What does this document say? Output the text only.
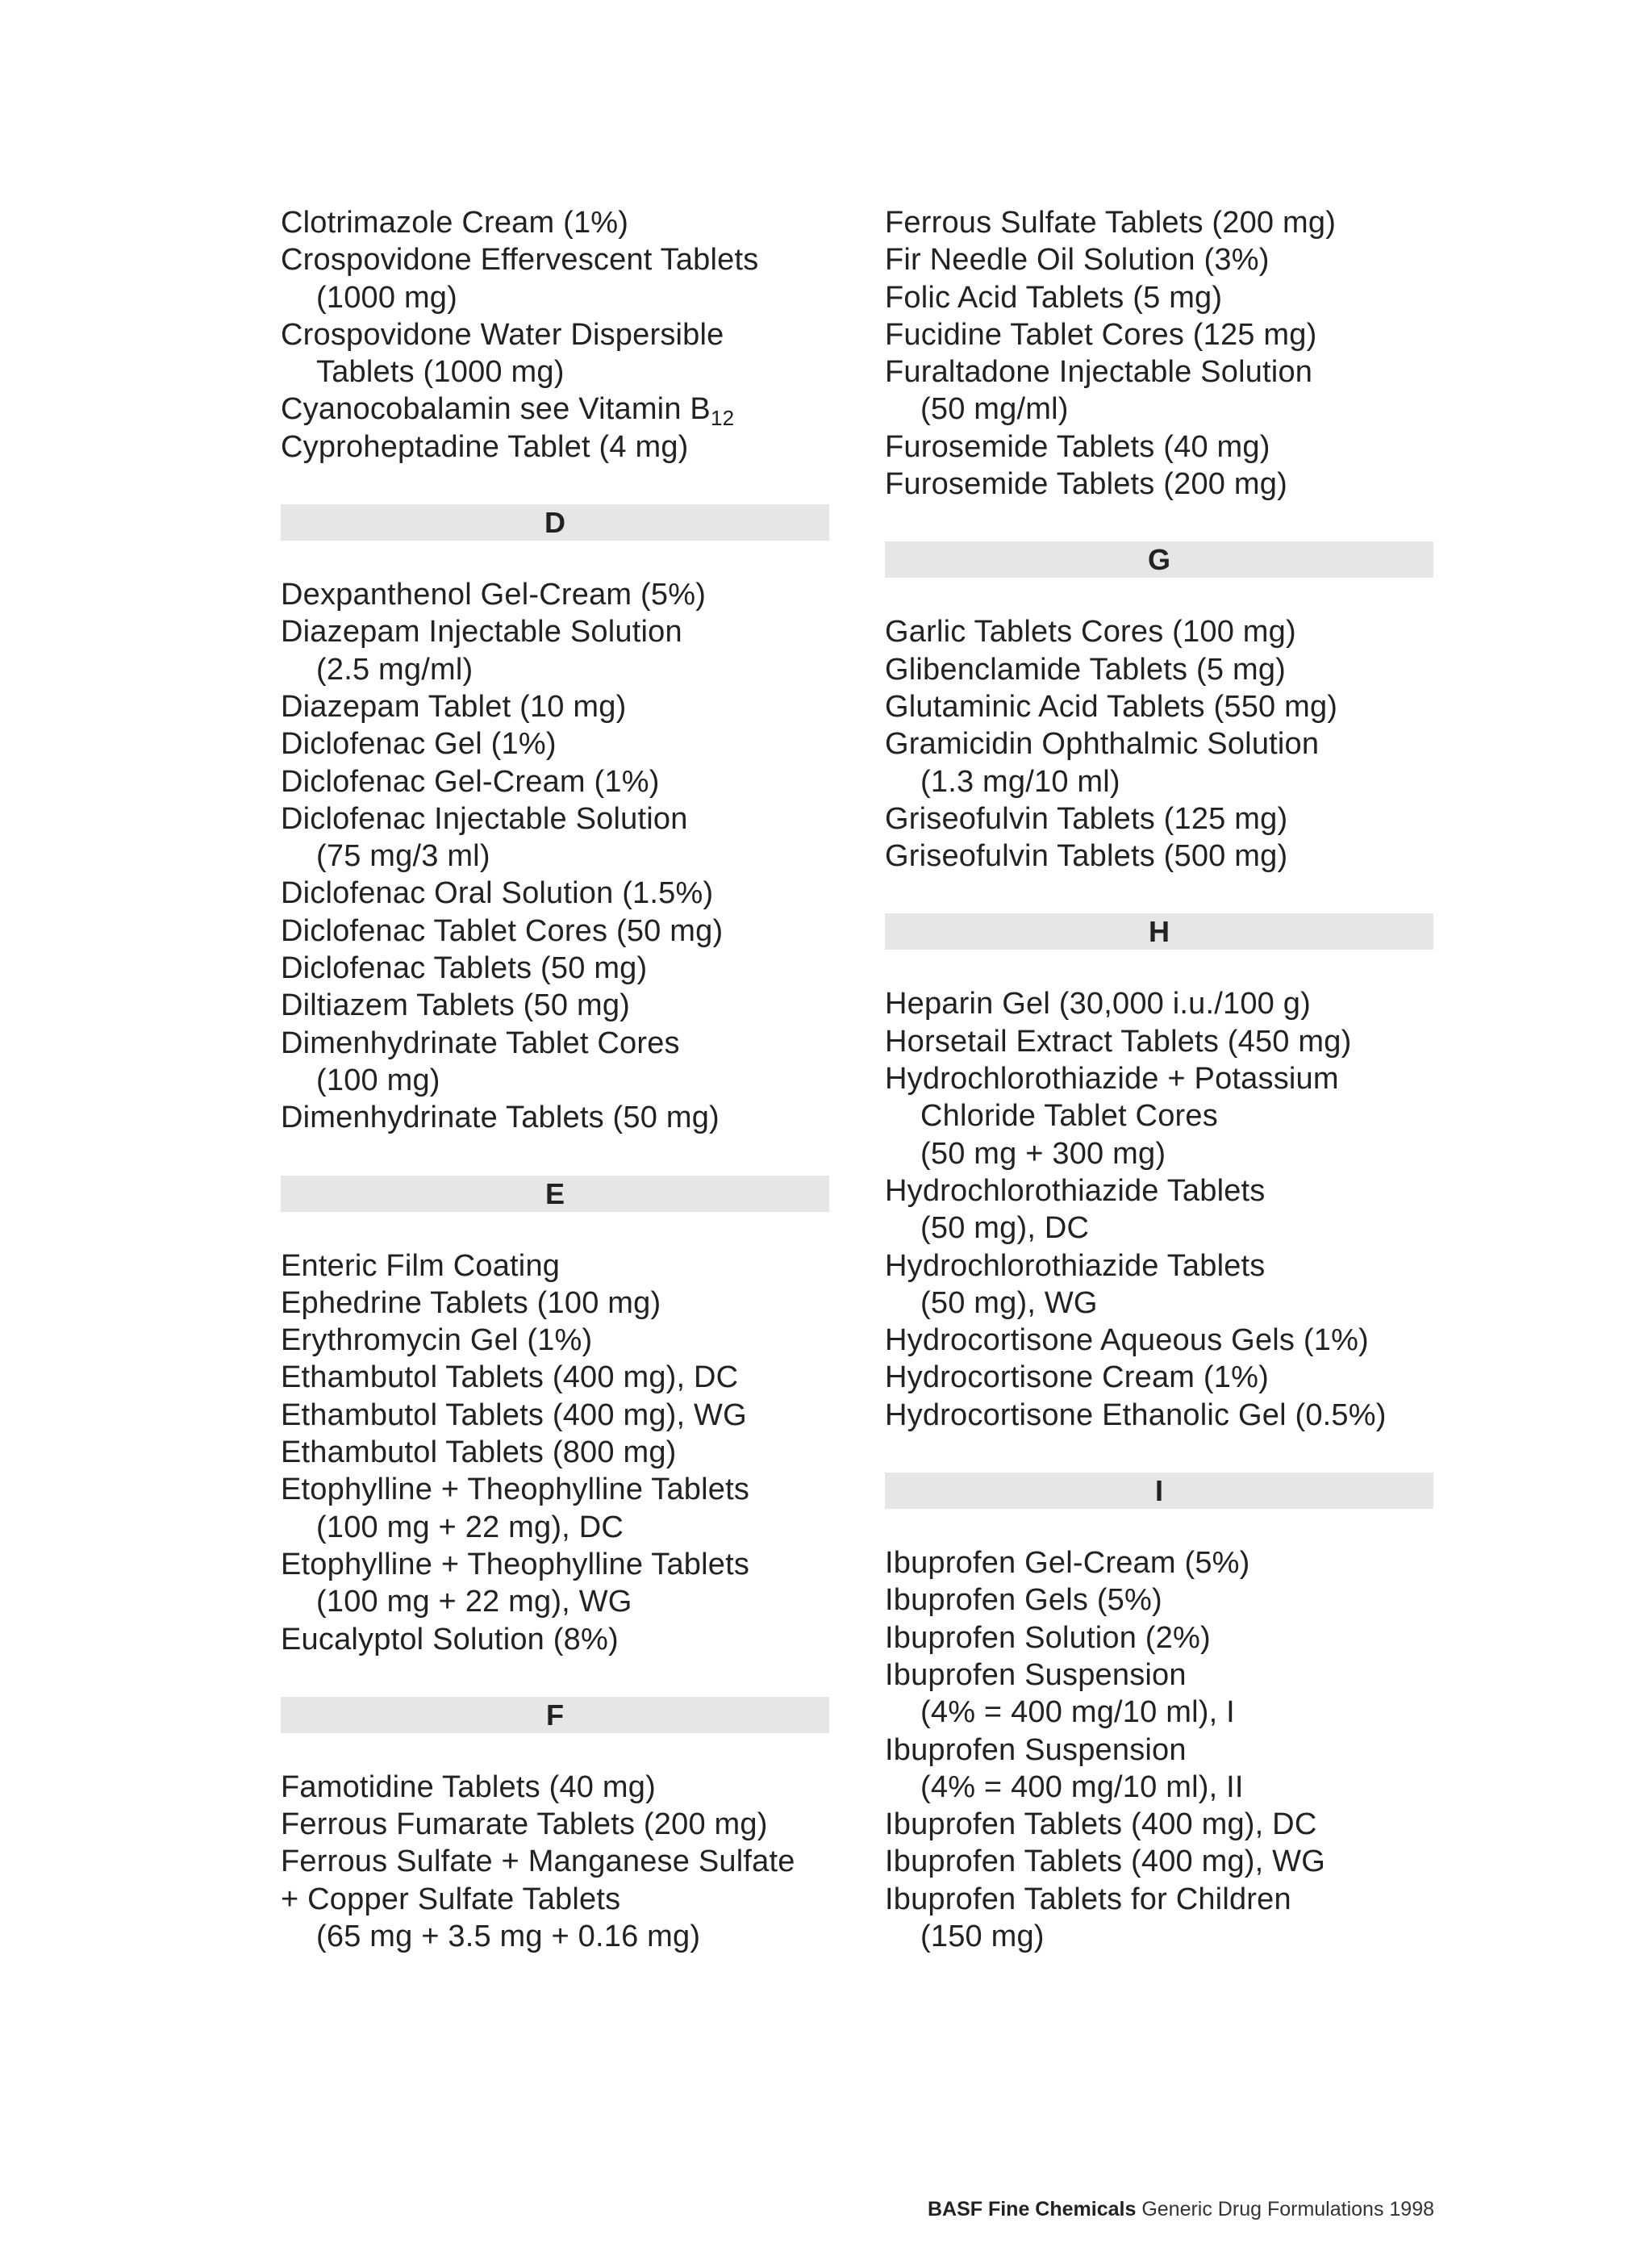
Clotrimazole Cream (1%)

Crospovidone Effervescent Tablets
(1000 mg)

Crospovidone Water Dispersible
Tablets (1000 mg)

Cyanocobalamin see Vitamin $B_{12}$

Cyproheptadine Tablet (4 mg)

D

Dexpanthenol Gel-Cream (5%)

Diazepam Injectable Solution
(2.5 mg/ml)

Diazepam Tablet (10 mg)

Diclofenac Gel (1%)

Diclofenac Gel-Cream (1%)

Diclofenac Injectable Solution
(75 mg/3 ml)

Diclofenac Oral Solution (1.5%)

Diclofenac Tablet Cores (50 mg)

Diclofenac Tablets (50 mg)

Diltiazem Tablets (50 mg)

Dimenhydrinate Tablet Cores
(100 mg)

Dimenhydrinate Tablets (50 mg)

E

Enteric Film Coating

Ephedrine Tablets (100 mg)

Erythromycin Gel (1%)

Ethambutol Tablets (400 mg), DC

Ethambutol Tablets (400 mg), WG

Ethambutol Tablets (800 mg)

Etophylline + Theophylline Tablets
(100 mg + 22 mg), DC

Etophylline + Theophylline Tablets
(100 mg + 22 mg), WG

Eucalyptol Solution (8%)

F

Famotidine Tablets (40 mg)

Ferrous Fumarate Tablets (200 mg)

Ferrous Sulfate + Manganese Sulfate
+ Copper Sulfate Tablets
(65 mg + 3.5 mg + 0.16 mg)

Ferrous Sulfate Tablets (200 mg)

Fir Needle Oil Solution (3%)

Folic Acid Tablets (5 mg)

Fucidine Tablet Cores (125 mg)

Furaltadone Injectable Solution
(50 mg/ml)

Furosemide Tablets (40 mg)

Furosemide Tablets (200 mg)

G

Garlic Tablets Cores (100 mg)

Glibenclamide Tablets (5 mg)

Glutaminic Acid Tablets (550 mg)

Gramicidin Ophthalmic Solution
(1.3 mg/10 ml)

Griseofulvin Tablets (125 mg)

Griseofulvin Tablets (500 mg)

H

Heparin Gel (30,000 i.u./100 g)

Horsetail Extract Tablets (450 mg)

Hydrochlorothiazide + Potassium
Chloride Tablet Cores
(50 mg + 300 mg)

Hydrochlorothiazide Tablets
(50 mg), DC

Hydrochlorothiazide Tablets
(50 mg), WG

Hydrocortisone Aqueous Gels (1%)

Hydrocortisone Cream (1%)

Hydrocortisone Ethanolic Gel (0.5%)

I

Ibuprofen Gel-Cream (5%)

Ibuprofen Gels (5%)

Ibuprofen Solution (2%)

Ibuprofen Suspension
(4% = 400 mg/10 ml), I

Ibuprofen Suspension
(4% = 400 mg/10 ml), II

Ibuprofen Tablets (400 mg), DC

Ibuprofen Tablets (400 mg), WG

Ibuprofen Tablets for Children
(150 mg)

BASF Fine Chemicals Generic Drug Formulations 1998
